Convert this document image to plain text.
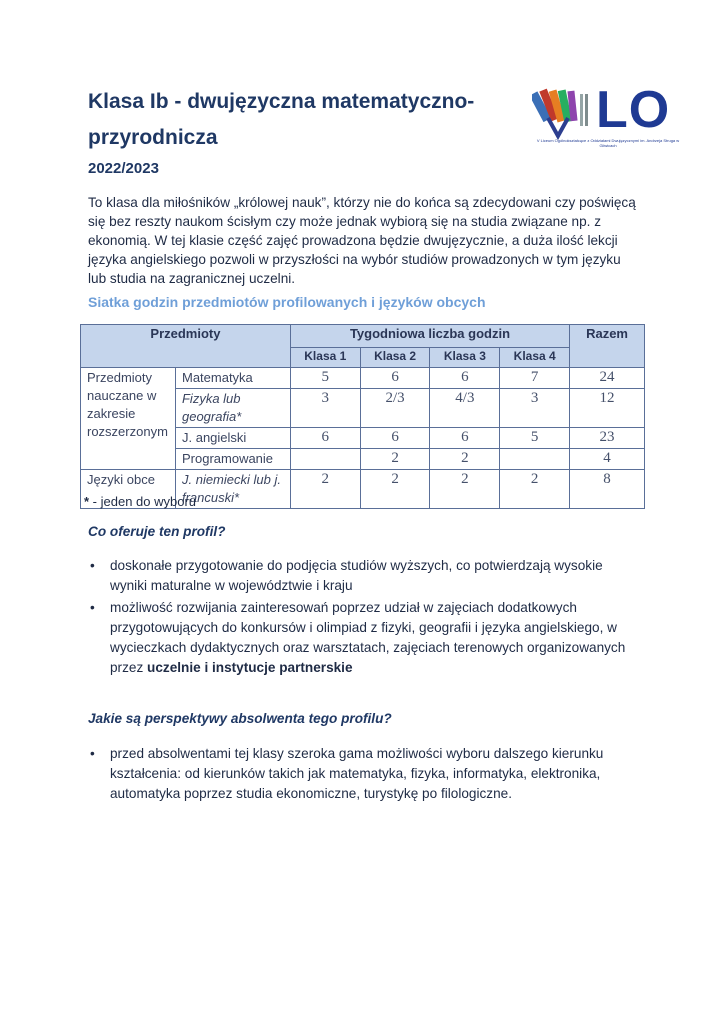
Klasa Ib - dwujęzyczna matematyczno-przyrodnicza	LO
V Liceum Ogólnokształcące z Oddziałami Dwujęzycznymi im. Andrzeja Struga w Gliwicach
2022/2023
To klasa dla miłośników „królowej nauk”, którzy nie do końca są zdecydowani czy poświęcą się bez reszty naukom ścisłym czy może jednak wybiorą się na studia związane np. z ekonomią. W tej klasie część zajęć prowadzona będzie dwujęzycznie, a duża ilość lekcji języka angielskiego pozwoli w przyszłości na wybór studiów prowadzonych w tym języku lub studia na zagranicznej uczelni.
Siatka godzin przedmiotów profilowanych i języków obcych
Przedmioty		Tygodniowa liczba godzin				Razem
		Klasa 1	Klasa 2	Klasa 3	Klasa 4	
Przedmioty nauczane w zakresie rozszerzonym	Matematyka	5	6	6	7	24
	Fizyka lub geografia*	3	2/3	4/3	3	12
	J. angielski	6	6	6	5	23
	Programowanie		2	2		4
Języki obce	J. niemiecki lub j. francuski*	2	2	2	2	8
* - jeden do wyboru
Co oferuje ten profil?
• doskonałe przygotowanie do podjęcia studiów wyższych, co potwierdzają wysokie wyniki maturalne w województwie i kraju
• możliwość rozwijania zainteresowań poprzez udział w zajęciach dodatkowych przygotowujących do konkursów i olimpiad z fizyki, geografii i języka angielskiego, w wycieczkach dydaktycznych oraz warsztatach, zajęciach terenowych organizowanych przez uczelnie i instytucje partnerskie
Jakie są perspektywy absolwenta tego profilu?
• przed absolwentami tej klasy szeroka gama możliwości wyboru dalszego kierunku kształcenia: od kierunków takich jak matematyka, fizyka, informatyka, elektronika, automatyka poprzez studia ekonomiczne, turystykę po filologiczne.
